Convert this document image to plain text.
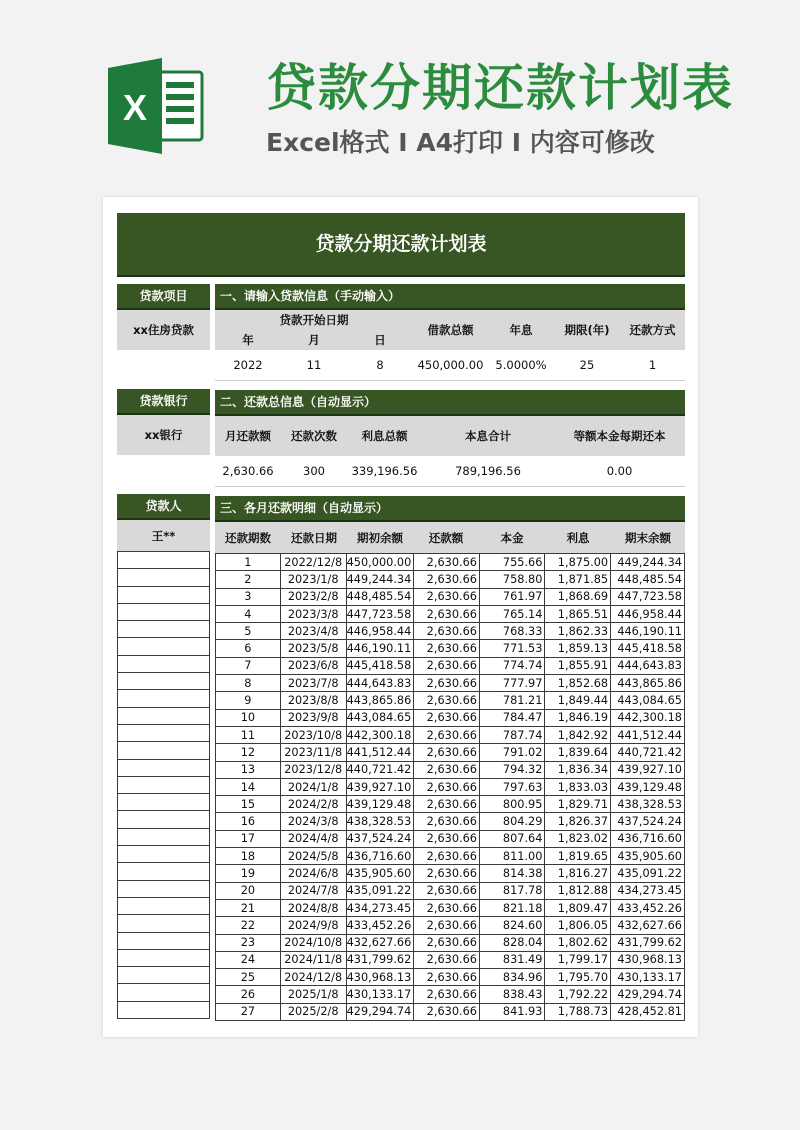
X 贷款分期还款计划表
Excel格式 I A4打印 I 内容可修改
贷款分期还款计划表
贷款项目
xx住房贷款
贷款银行
xx银行
贷款人
王**

一、请输入贷款信息（手动输入）
贷款开始日期
年	月	日
借款总额	年息	期限(年)	还款方式
2022	11	8	450,000.00	5.0000%	25	1
二、还款总信息（自动显示）
月还款额	还款次数	利息总额	本息合计	等额本金每期还本
2,630.66	300	339,196.56	789,196.56	0.00
三、各月还款明细（自动显示）
还款期数	还款日期	期初余额	还款额	本金	利息	期末余额
1	2022/12/8	450,000.00	2,630.66	755.66	1,875.00	449,244.34
2	2023/1/8	449,244.34	2,630.66	758.80	1,871.85	448,485.54
3	2023/2/8	448,485.54	2,630.66	761.97	1,868.69	447,723.58
4	2023/3/8	447,723.58	2,630.66	765.14	1,865.51	446,958.44
5	2023/4/8	446,958.44	2,630.66	768.33	1,862.33	446,190.11
6	2023/5/8	446,190.11	2,630.66	771.53	1,859.13	445,418.58
7	2023/6/8	445,418.58	2,630.66	774.74	1,855.91	444,643.83
8	2023/7/8	444,643.83	2,630.66	777.97	1,852.68	443,865.86
9	2023/8/8	443,865.86	2,630.66	781.21	1,849.44	443,084.65
10	2023/9/8	443,084.65	2,630.66	784.47	1,846.19	442,300.18
11	2023/10/8	442,300.18	2,630.66	787.74	1,842.92	441,512.44
12	2023/11/8	441,512.44	2,630.66	791.02	1,839.64	440,721.42
13	2023/12/8	440,721.42	2,630.66	794.32	1,836.34	439,927.10
14	2024/1/8	439,927.10	2,630.66	797.63	1,833.03	439,129.48
15	2024/2/8	439,129.48	2,630.66	800.95	1,829.71	438,328.53
16	2024/3/8	438,328.53	2,630.66	804.29	1,826.37	437,524.24
17	2024/4/8	437,524.24	2,630.66	807.64	1,823.02	436,716.60
18	2024/5/8	436,716.60	2,630.66	811.00	1,819.65	435,905.60
19	2024/6/8	435,905.60	2,630.66	814.38	1,816.27	435,091.22
20	2024/7/8	435,091.22	2,630.66	817.78	1,812.88	434,273.45
21	2024/8/8	434,273.45	2,630.66	821.18	1,809.47	433,452.26
22	2024/9/8	433,452.26	2,630.66	824.60	1,806.05	432,627.66
23	2024/10/8	432,627.66	2,630.66	828.04	1,802.62	431,799.62
24	2024/11/8	431,799.62	2,630.66	831.49	1,799.17	430,968.13
25	2024/12/8	430,968.13	2,630.66	834.96	1,795.70	430,133.17
26	2025/1/8	430,133.17	2,630.66	838.43	1,792.22	429,294.74
27	2025/2/8	429,294.74	2,630.66	841.93	1,788.73	428,452.81
